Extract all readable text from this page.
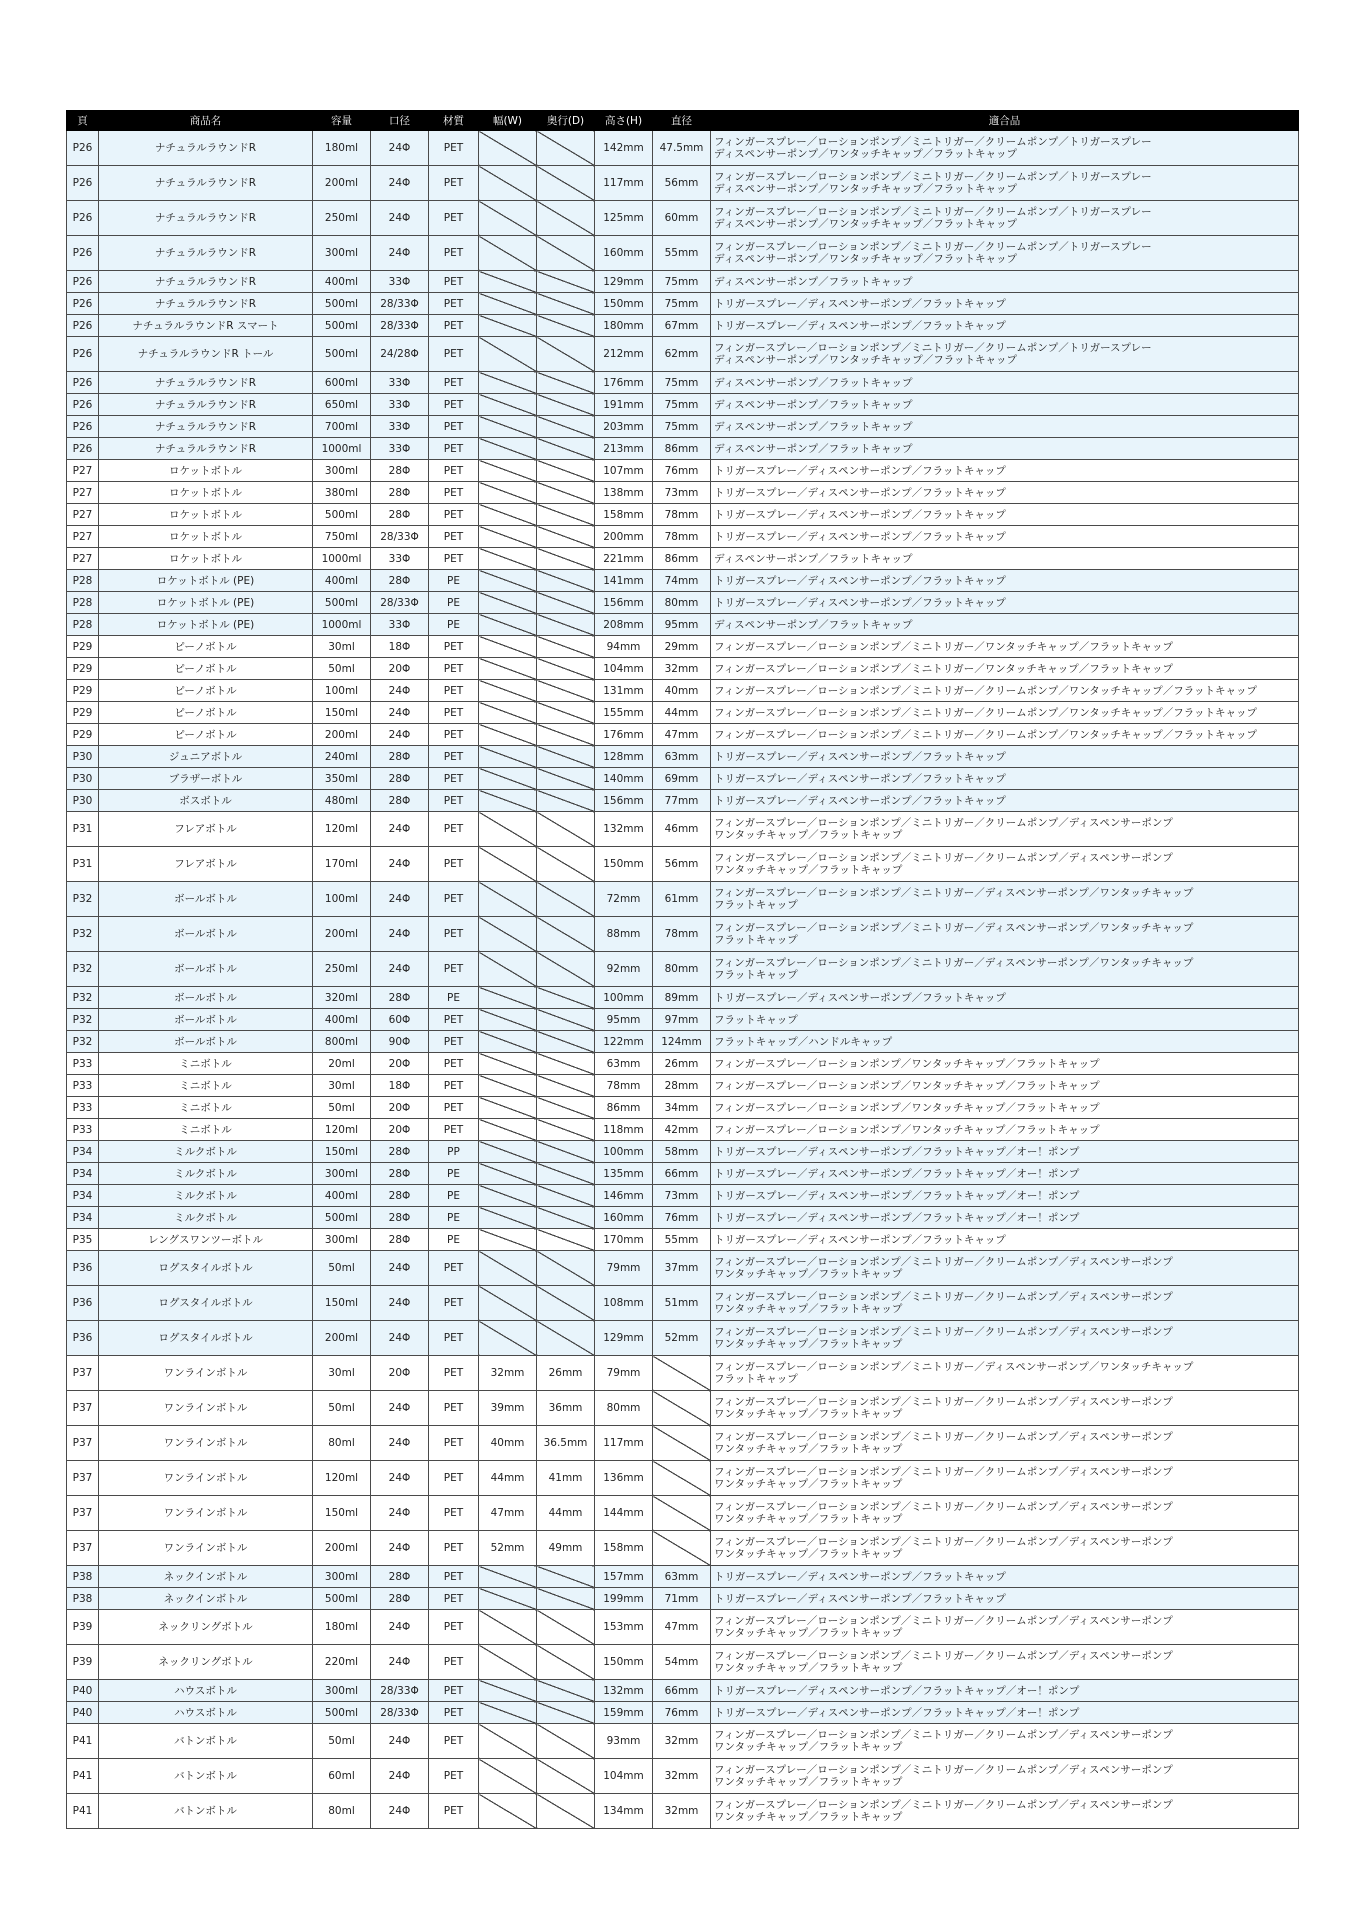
頁	商品名	容量	口径	材質	幅(W)	奥行(D)	高さ(H)	直径	適合品
P26	ナチュラルラウンドR	180ml	24Φ	PET			142mm	47.5mm	フィンガースプレー／ローションポンプ／ミニトリガー／クリームポンプ／トリガースプレー
ディスペンサーポンプ／ワンタッチキャップ／フラットキャップ

P26	ナチュラルラウンドR	200ml	24Φ	PET			117mm	56mm	フィンガースプレー／ローションポンプ／ミニトリガー／クリームポンプ／トリガースプレー
ディスペンサーポンプ／ワンタッチキャップ／フラットキャップ

P26	ナチュラルラウンドR	250ml	24Φ	PET			125mm	60mm	フィンガースプレー／ローションポンプ／ミニトリガー／クリームポンプ／トリガースプレー
ディスペンサーポンプ／ワンタッチキャップ／フラットキャップ

P26	ナチュラルラウンドR	300ml	24Φ	PET			160mm	55mm	フィンガースプレー／ローションポンプ／ミニトリガー／クリームポンプ／トリガースプレー
ディスペンサーポンプ／ワンタッチキャップ／フラットキャップ

P26	ナチュラルラウンドR	400ml	33Φ	PET			129mm	75mm	ディスペンサーポンプ／フラットキャップ

P26	ナチュラルラウンドR	500ml	28/33Φ	PET			150mm	75mm	トリガースプレー／ディスペンサーポンプ／フラットキャップ

P26	ナチュラルラウンドR スマート	500ml	28/33Φ	PET			180mm	67mm	トリガースプレー／ディスペンサーポンプ／フラットキャップ

P26	ナチュラルラウンドR トール	500ml	24/28Φ	PET			212mm	62mm	フィンガースプレー／ローションポンプ／ミニトリガー／クリームポンプ／トリガースプレー
ディスペンサーポンプ／ワンタッチキャップ／フラットキャップ

P26	ナチュラルラウンドR	600ml	33Φ	PET			176mm	75mm	ディスペンサーポンプ／フラットキャップ

P26	ナチュラルラウンドR	650ml	33Φ	PET			191mm	75mm	ディスペンサーポンプ／フラットキャップ

P26	ナチュラルラウンドR	700ml	33Φ	PET			203mm	75mm	ディスペンサーポンプ／フラットキャップ

P26	ナチュラルラウンドR	1000ml	33Φ	PET			213mm	86mm	ディスペンサーポンプ／フラットキャップ

P27	ロケットボトル	300ml	28Φ	PET			107mm	76mm	トリガースプレー／ディスペンサーポンプ／フラットキャップ

P27	ロケットボトル	380ml	28Φ	PET			138mm	73mm	トリガースプレー／ディスペンサーポンプ／フラットキャップ

P27	ロケットボトル	500ml	28Φ	PET			158mm	78mm	トリガースプレー／ディスペンサーポンプ／フラットキャップ

P27	ロケットボトル	750ml	28/33Φ	PET			200mm	78mm	トリガースプレー／ディスペンサーポンプ／フラットキャップ

P27	ロケットボトル	1000ml	33Φ	PET			221mm	86mm	ディスペンサーポンプ／フラットキャップ

P28	ロケットボトル (PE)	400ml	28Φ	PE			141mm	74mm	トリガースプレー／ディスペンサーポンプ／フラットキャップ

P28	ロケットボトル (PE)	500ml	28/33Φ	PE			156mm	80mm	トリガースプレー／ディスペンサーポンプ／フラットキャップ

P28	ロケットボトル (PE)	1000ml	33Φ	PE			208mm	95mm	ディスペンサーポンプ／フラットキャップ

P29	ピーノボトル	30ml	18Φ	PET			94mm	29mm	フィンガースプレー／ローションポンプ／ミニトリガー／ワンタッチキャップ／フラットキャップ

P29	ピーノボトル	50ml	20Φ	PET			104mm	32mm	フィンガースプレー／ローションポンプ／ミニトリガー／ワンタッチキャップ／フラットキャップ

P29	ピーノボトル	100ml	24Φ	PET			131mm	40mm	フィンガースプレー／ローションポンプ／ミニトリガー／クリームポンプ／ワンタッチキャップ／フラットキャップ

P29	ピーノボトル	150ml	24Φ	PET			155mm	44mm	フィンガースプレー／ローションポンプ／ミニトリガー／クリームポンプ／ワンタッチキャップ／フラットキャップ

P29	ピーノボトル	200ml	24Φ	PET			176mm	47mm	フィンガースプレー／ローションポンプ／ミニトリガー／クリームポンプ／ワンタッチキャップ／フラットキャップ

P30	ジュニアボトル	240ml	28Φ	PET			128mm	63mm	トリガースプレー／ディスペンサーポンプ／フラットキャップ

P30	ブラザーボトル	350ml	28Φ	PET			140mm	69mm	トリガースプレー／ディスペンサーポンプ／フラットキャップ

P30	ボスボトル	480ml	28Φ	PET			156mm	77mm	トリガースプレー／ディスペンサーポンプ／フラットキャップ

P31	フレアボトル	120ml	24Φ	PET			132mm	46mm	フィンガースプレー／ローションポンプ／ミニトリガー／クリームポンプ／ディスペンサーポンプ
ワンタッチキャップ／フラットキャップ

P31	フレアボトル	170ml	24Φ	PET			150mm	56mm	フィンガースプレー／ローションポンプ／ミニトリガー／クリームポンプ／ディスペンサーポンプ
ワンタッチキャップ／フラットキャップ

P32	ボールボトル	100ml	24Φ	PET			72mm	61mm	フィンガースプレー／ローションポンプ／ミニトリガー／ディスペンサーポンプ／ワンタッチキャップ
フラットキャップ

P32	ボールボトル	200ml	24Φ	PET			88mm	78mm	フィンガースプレー／ローションポンプ／ミニトリガー／ディスペンサーポンプ／ワンタッチキャップ
フラットキャップ

P32	ボールボトル	250ml	24Φ	PET			92mm	80mm	フィンガースプレー／ローションポンプ／ミニトリガー／ディスペンサーポンプ／ワンタッチキャップ
フラットキャップ

P32	ボールボトル	320ml	28Φ	PE			100mm	89mm	トリガースプレー／ディスペンサーポンプ／フラットキャップ

P32	ボールボトル	400ml	60Φ	PET			95mm	97mm	フラットキャップ

P32	ボールボトル	800ml	90Φ	PET			122mm	124mm	フラットキャップ／ハンドルキャップ

P33	ミニボトル	20ml	20Φ	PET			63mm	26mm	フィンガースプレー／ローションポンプ／ワンタッチキャップ／フラットキャップ

P33	ミニボトル	30ml	18Φ	PET			78mm	28mm	フィンガースプレー／ローションポンプ／ワンタッチキャップ／フラットキャップ

P33	ミニボトル	50ml	20Φ	PET			86mm	34mm	フィンガースプレー／ローションポンプ／ワンタッチキャップ／フラットキャップ

P33	ミニボトル	120ml	20Φ	PET			118mm	42mm	フィンガースプレー／ローションポンプ／ワンタッチキャップ／フラットキャップ

P34	ミルクボトル	150ml	28Φ	PP			100mm	58mm	トリガースプレー／ディスペンサーポンプ／フラットキャップ／オー！ポンプ

P34	ミルクボトル	300ml	28Φ	PE			135mm	66mm	トリガースプレー／ディスペンサーポンプ／フラットキャップ／オー！ポンプ

P34	ミルクボトル	400ml	28Φ	PE			146mm	73mm	トリガースプレー／ディスペンサーポンプ／フラットキャップ／オー！ポンプ

P34	ミルクボトル	500ml	28Φ	PE			160mm	76mm	トリガースプレー／ディスペンサーポンプ／フラットキャップ／オー！ポンプ

P35	レングスワンツーボトル	300ml	28Φ	PE			170mm	55mm	トリガースプレー／ディスペンサーポンプ／フラットキャップ

P36	ログスタイルボトル	50ml	24Φ	PET			79mm	37mm	フィンガースプレー／ローションポンプ／ミニトリガー／クリームポンプ／ディスペンサーポンプ
ワンタッチキャップ／フラットキャップ

P36	ログスタイルボトル	150ml	24Φ	PET			108mm	51mm	フィンガースプレー／ローションポンプ／ミニトリガー／クリームポンプ／ディスペンサーポンプ
ワンタッチキャップ／フラットキャップ

P36	ログスタイルボトル	200ml	24Φ	PET			129mm	52mm	フィンガースプレー／ローションポンプ／ミニトリガー／クリームポンプ／ディスペンサーポンプ
ワンタッチキャップ／フラットキャップ

P37	ワンラインボトル	30ml	20Φ	PET	32mm	26mm	79mm		フィンガースプレー／ローションポンプ／ミニトリガー／ディスペンサーポンプ／ワンタッチキャップ
フラットキャップ

P37	ワンラインボトル	50ml	24Φ	PET	39mm	36mm	80mm		フィンガースプレー／ローションポンプ／ミニトリガー／クリームポンプ／ディスペンサーポンプ
ワンタッチキャップ／フラットキャップ

P37	ワンラインボトル	80ml	24Φ	PET	40mm	36.5mm	117mm		フィンガースプレー／ローションポンプ／ミニトリガー／クリームポンプ／ディスペンサーポンプ
ワンタッチキャップ／フラットキャップ

P37	ワンラインボトル	120ml	24Φ	PET	44mm	41mm	136mm		フィンガースプレー／ローションポンプ／ミニトリガー／クリームポンプ／ディスペンサーポンプ
ワンタッチキャップ／フラットキャップ

P37	ワンラインボトル	150ml	24Φ	PET	47mm	44mm	144mm		フィンガースプレー／ローションポンプ／ミニトリガー／クリームポンプ／ディスペンサーポンプ
ワンタッチキャップ／フラットキャップ

P37	ワンラインボトル	200ml	24Φ	PET	52mm	49mm	158mm		フィンガースプレー／ローションポンプ／ミニトリガー／クリームポンプ／ディスペンサーポンプ
ワンタッチキャップ／フラットキャップ

P38	ネックインボトル	300ml	28Φ	PET			157mm	63mm	トリガースプレー／ディスペンサーポンプ／フラットキャップ

P38	ネックインボトル	500ml	28Φ	PET			199mm	71mm	トリガースプレー／ディスペンサーポンプ／フラットキャップ

P39	ネックリングボトル	180ml	24Φ	PET			153mm	47mm	フィンガースプレー／ローションポンプ／ミニトリガー／クリームポンプ／ディスペンサーポンプ
ワンタッチキャップ／フラットキャップ

P39	ネックリングボトル	220ml	24Φ	PET			150mm	54mm	フィンガースプレー／ローションポンプ／ミニトリガー／クリームポンプ／ディスペンサーポンプ
ワンタッチキャップ／フラットキャップ

P40	ハウスボトル	300ml	28/33Φ	PET			132mm	66mm	トリガースプレー／ディスペンサーポンプ／フラットキャップ／オー！ポンプ

P40	ハウスボトル	500ml	28/33Φ	PET			159mm	76mm	トリガースプレー／ディスペンサーポンプ／フラットキャップ／オー！ポンプ

P41	バトンボトル	50ml	24Φ	PET			93mm	32mm	フィンガースプレー／ローションポンプ／ミニトリガー／クリームポンプ／ディスペンサーポンプ
ワンタッチキャップ／フラットキャップ

P41	バトンボトル	60ml	24Φ	PET			104mm	32mm	フィンガースプレー／ローションポンプ／ミニトリガー／クリームポンプ／ディスペンサーポンプ
ワンタッチキャップ／フラットキャップ

P41	バトンボトル	80ml	24Φ	PET			134mm	32mm	フィンガースプレー／ローションポンプ／ミニトリガー／クリームポンプ／ディスペンサーポンプ
ワンタッチキャップ／フラットキャップ
